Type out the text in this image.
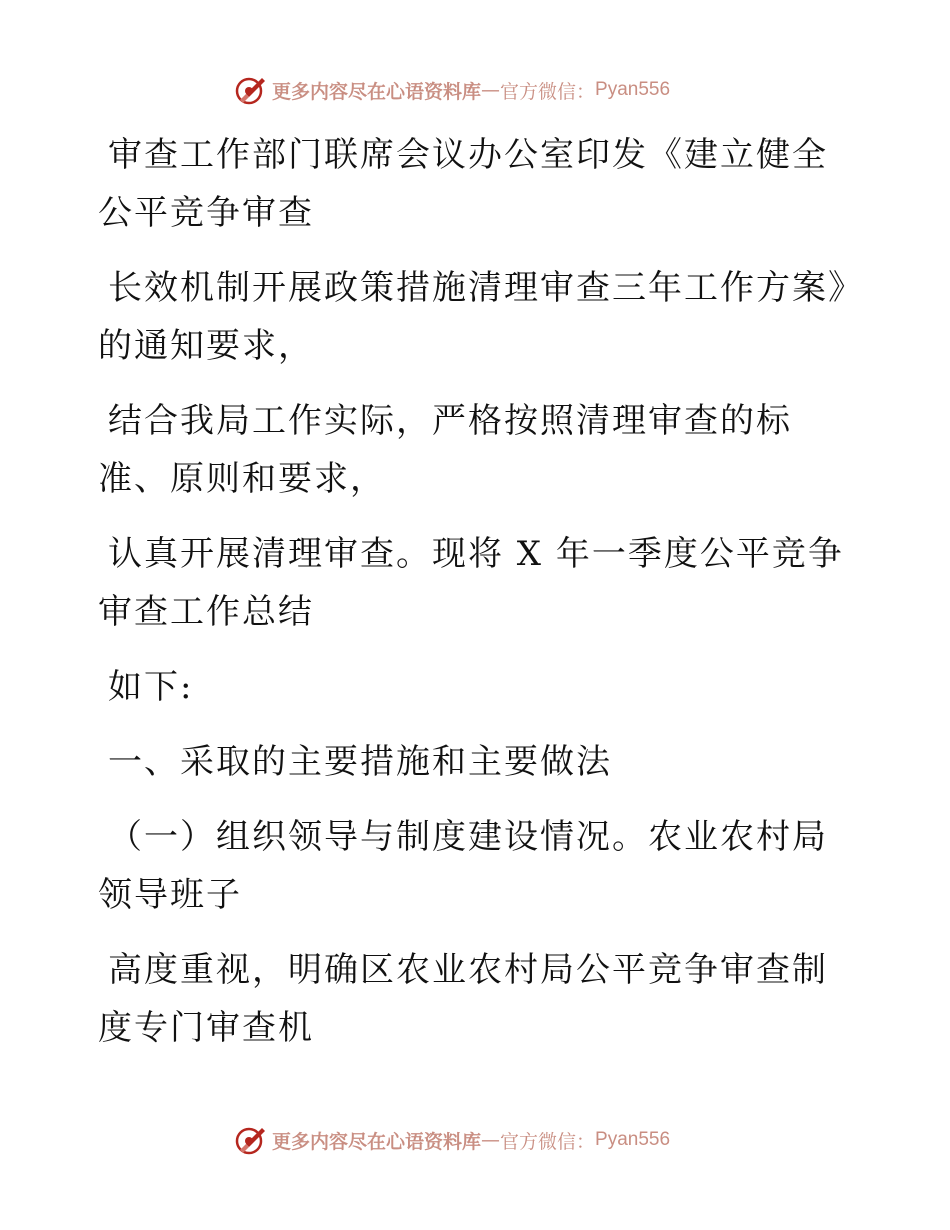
更多内容尽在心语资料库 — 官方微信： Pyan556

审查工作部门联席会议办公室印发《建立健全公平竞争审查

长效机制开展政策措施清理审查三年工作方案》的通知要求，

结合我局工作实际，严格按照清理审查的标准、原则和要求，

认真开展清理审查。现将 X 年一季度公平竞争审查工作总结

如下:

一、采取的主要措施和主要做法

（一）组织领导与制度建设情况。农业农村局领导班子

高度重视，明确区农业农村局公平竞争审查制度专门审查机

更多内容尽在心语资料库 — 官方微信： Pyan556
